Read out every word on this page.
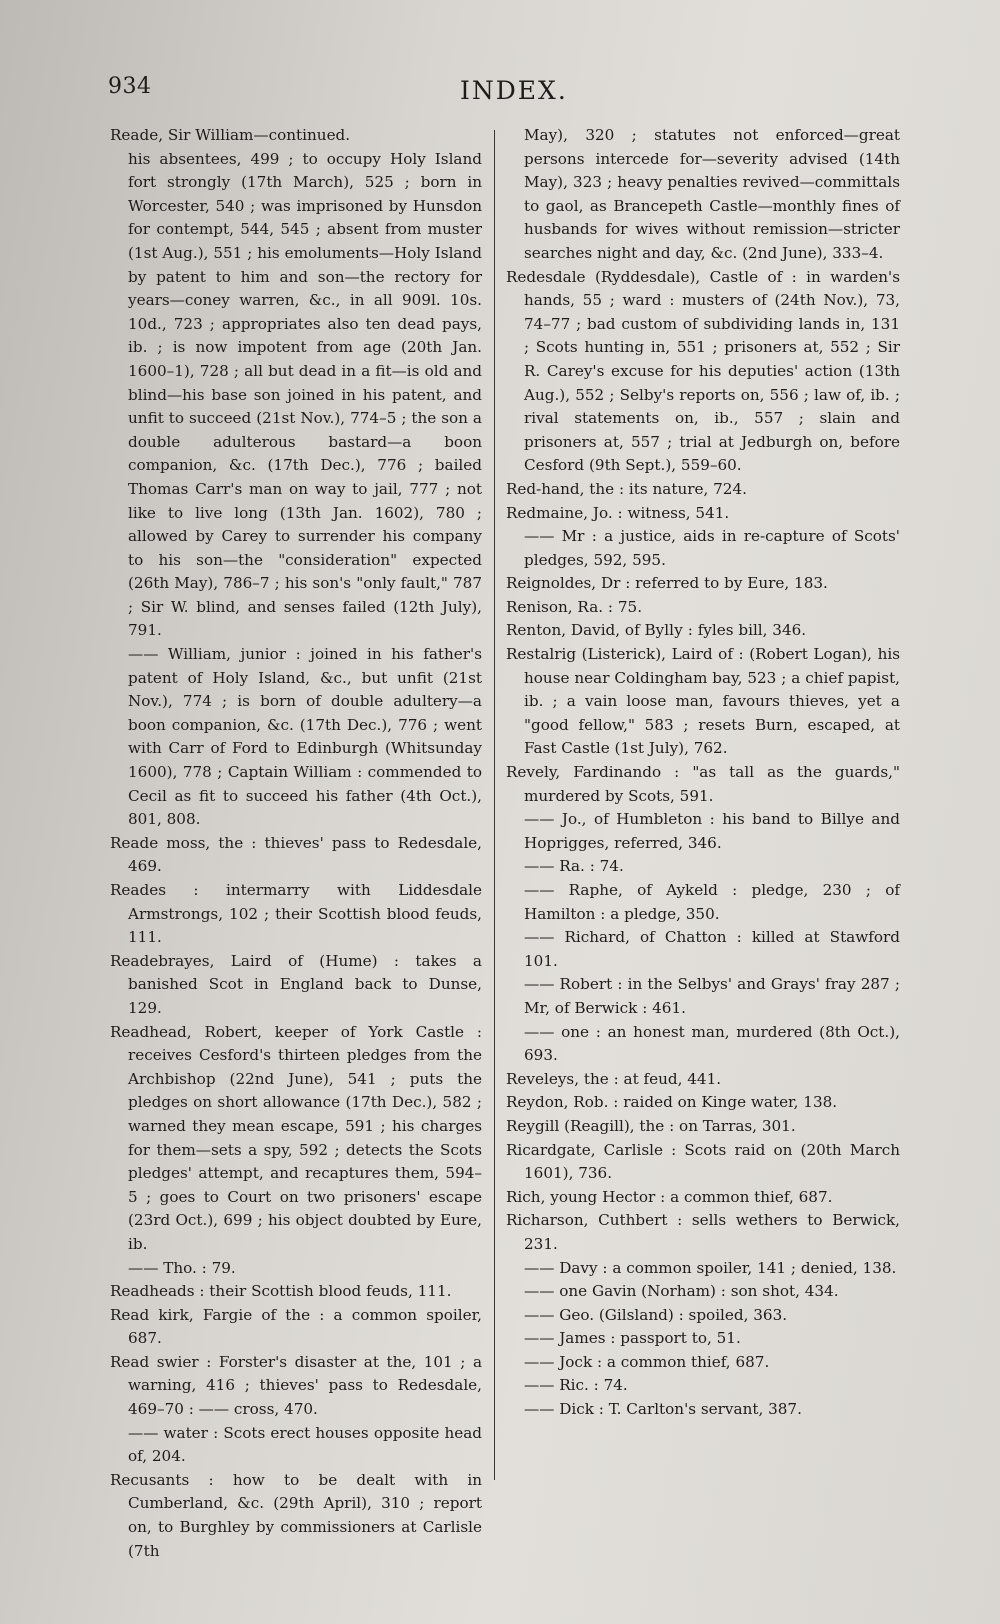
934	INDEX.

Reade, Sir William—continued.

his absentees, 499 ; to occupy Holy Island fort strongly (17th March), 525 ; born in Worcester, 540 ; was imprisoned by Hunsdon for contempt, 544, 545 ; absent from muster (1st Aug.), 551 ; his emoluments—Holy Island by patent to him and son—the rectory for years—coney warren, &c., in all 909l. 10s. 10d., 723 ; appropriates also ten dead pays, ib. ; is now impotent from age (20th Jan. 1600–1), 728 ; all but dead in a fit—is old and blind—his base son joined in his patent, and unfit to succeed (21st Nov.), 774–5 ; the son a double adulterous bastard—a boon companion, &c. (17th Dec.), 776 ; bailed Thomas Carr's man on way to jail, 777 ; not like to live long (13th Jan. 1602), 780 ; allowed by Carey to surrender his company to his son—the "consideration" expected (26th May), 786–7 ; his son's "only fault," 787 ; Sir W. blind, and senses failed (12th July), 791.

—— William, junior : joined in his father's patent of Holy Island, &c., but unfit (21st Nov.), 774 ; is born of double adultery—a boon companion, &c. (17th Dec.), 776 ; went with Carr of Ford to Edinburgh (Whitsunday 1600), 778 ; Captain William : commended to Cecil as fit to succeed his father (4th Oct.), 801, 808.

Reade moss, the : thieves' pass to Redesdale, 469.

Reades : intermarry with Liddesdale Armstrongs, 102 ; their Scottish blood feuds, 111.

Readebrayes, Laird of (Hume) : takes a banished Scot in England back to Dunse, 129.

Readhead, Robert, keeper of York Castle : receives Cesford's thirteen pledges from the Archbishop (22nd June), 541 ; puts the pledges on short allowance (17th Dec.), 582 ; warned they mean escape, 591 ; his charges for them—sets a spy, 592 ; detects the Scots pledges' attempt, and recaptures them, 594–5 ; goes to Court on two prisoners' escape (23rd Oct.), 699 ; his object doubted by Eure, ib.

—— Tho. : 79.

Readheads : their Scottish blood feuds, 111.

Read kirk, Fargie of the : a common spoiler, 687.

Read swier : Forster's disaster at the, 101 ; a warning, 416 ; thieves' pass to Redesdale, 469–70 : —— cross, 470.

—— water : Scots erect houses opposite head of, 204.

Recusants : how to be dealt with in Cumberland, &c. (29th April), 310 ; report on, to Burghley by commissioners at Carlisle (7th

May), 320 ; statutes not enforced—great persons intercede for—severity advised (14th May), 323 ; heavy penalties revived—committals to gaol, as Brancepeth Castle—monthly fines of husbands for wives without remission—stricter searches night and day, &c. (2nd June), 333–4.

Redesdale (Ryddesdale), Castle of : in warden's hands, 55 ; ward : musters of (24th Nov.), 73, 74–77 ; bad custom of subdividing lands in, 131 ; Scots hunting in, 551 ; prisoners at, 552 ; Sir R. Carey's excuse for his deputies' action (13th Aug.), 552 ; Selby's reports on, 556 ; law of, ib. ; rival statements on, ib., 557 ; slain and prisoners at, 557 ; trial at Jedburgh on, before Cesford (9th Sept.), 559–60.

Red-hand, the : its nature, 724.

Redmaine, Jo. : witness, 541.

—— Mr : a justice, aids in re-capture of Scots' pledges, 592, 595.

Reignoldes, Dr : referred to by Eure, 183.

Renison, Ra. : 75.

Renton, David, of Byllу : fyles bill, 346.

Restalrig (Listerick), Laird of : (Robert Logan), his house near Coldingham bay, 523 ; a chief papist, ib. ; a vain loose man, favours thieves, yet a "good fellow," 583 ; resets Burn, escaped, at Fast Castle (1st July), 762.

Revely, Fardinando : "as tall as the guards," murdered by Scots, 591.

—— Jo., of Humbleton : his band to Billye and Hoprigges, referred, 346.

—— Ra. : 74.

—— Raphe, of Aykeld : pledge, 230 ; of Hamilton : a pledge, 350.

—— Richard, of Chatton : killed at Stawford 101.

—— Robert : in the Selbys' and Grays' fray 287 ; Mr, of Berwick : 461.

—— one : an honest man, murdered (8th Oct.), 693.

Reveleys, the : at feud, 441.

Reydon, Rob. : raided on Kinge water, 138.

Reygill (Reagill), the : on Tarras, 301.

Ricardgate, Carlisle : Scots raid on (20th March 1601), 736.

Rich, young Hector : a common thief, 687.

Richarson, Cuthbert : sells wethers to Berwick, 231.

—— Davy : a common spoiler, 141 ; denied, 138.

—— one Gavin (Norham) : son shot, 434.

—— Geo. (Gilsland) : spoiled, 363.

—— James : passport to, 51.

—— Jock : a common thief, 687.

—— Ric. : 74.

—— Dick : T. Carlton's servant, 387.
